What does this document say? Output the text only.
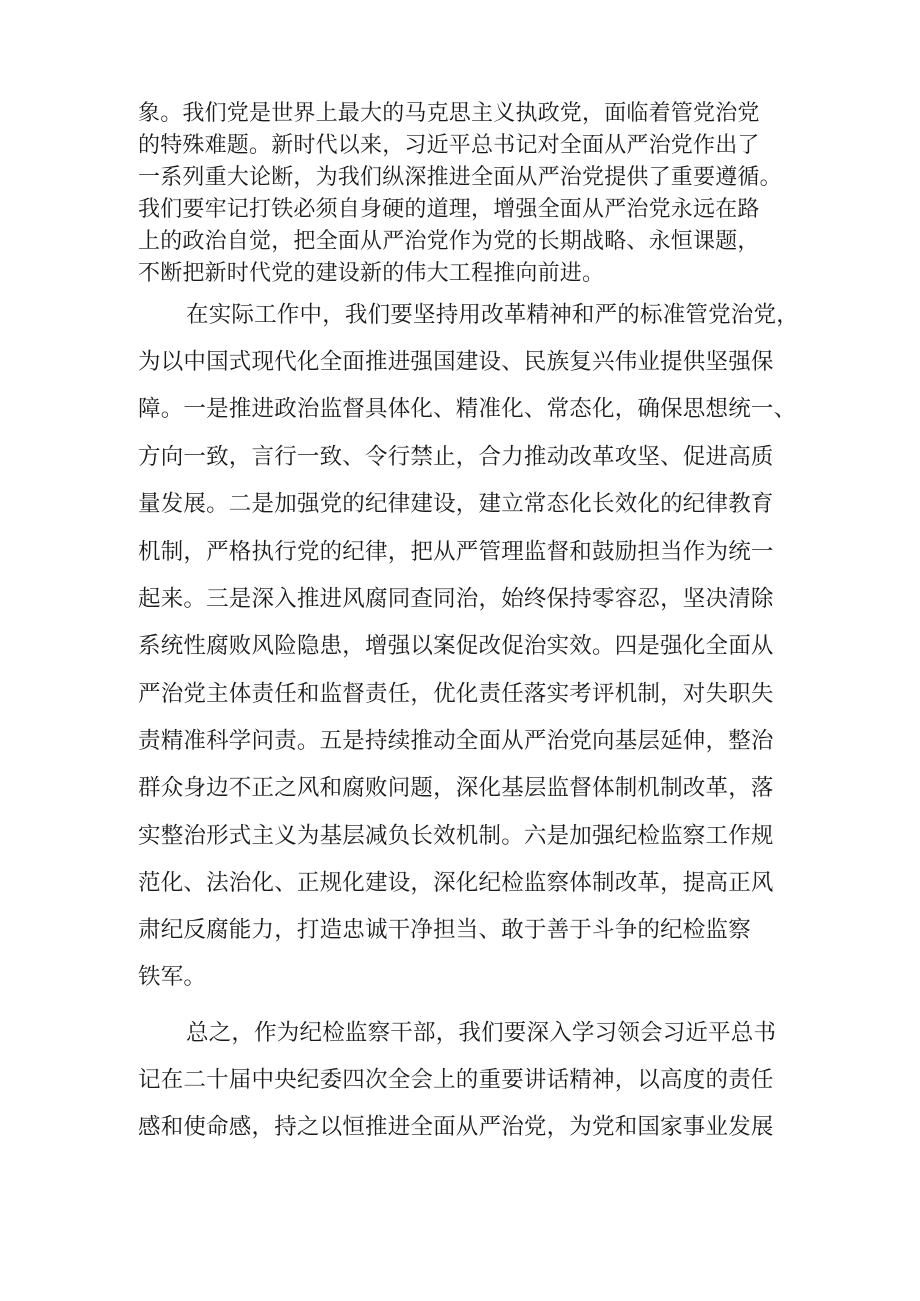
象。我们党是世界上最大的马克思主义执政党，面临着管党治党
的特殊难题。新时代以来，习近平总书记对全面从严治党作出了
一系列重大论断，为我们纵深推进全面从严治党提供了重要遵循。
我们要牢记打铁必须自身硬的道理，增强全面从严治党永远在路
上的政治自觉，把全面从严治党作为党的长期战略、永恒课题，
不断把新时代党的建设新的伟大工程推向前进。
在实际工作中，我们要坚持用改革精神和严的标准管党治党，
为以中国式现代化全面推进强国建设、民族复兴伟业提供坚强保
障。一是推进政治监督具体化、精准化、常态化，确保思想统一、
方向一致，言行一致、令行禁止，合力推动改革攻坚、促进高质
量发展。二是加强党的纪律建设，建立常态化长效化的纪律教育
机制，严格执行党的纪律，把从严管理监督和鼓励担当作为统一
起来。三是深入推进风腐同查同治，始终保持零容忍，坚决清除
系统性腐败风险隐患，增强以案促改促治实效。四是强化全面从
严治党主体责任和监督责任，优化责任落实考评机制，对失职失
责精准科学问责。五是持续推动全面从严治党向基层延伸，整治
群众身边不正之风和腐败问题，深化基层监督体制机制改革，落
实整治形式主义为基层减负长效机制。六是加强纪检监察工作规
范化、法治化、正规化建设，深化纪检监察体制改革，提高正风
肃纪反腐能力，打造忠诚干净担当、敢于善于斗争的纪检监察
铁军。
总之，作为纪检监察干部，我们要深入学习领会习近平总书
记在二十届中央纪委四次全会上的重要讲话精神，以高度的责任
感和使命感，持之以恒推进全面从严治党，为党和国家事业发展
